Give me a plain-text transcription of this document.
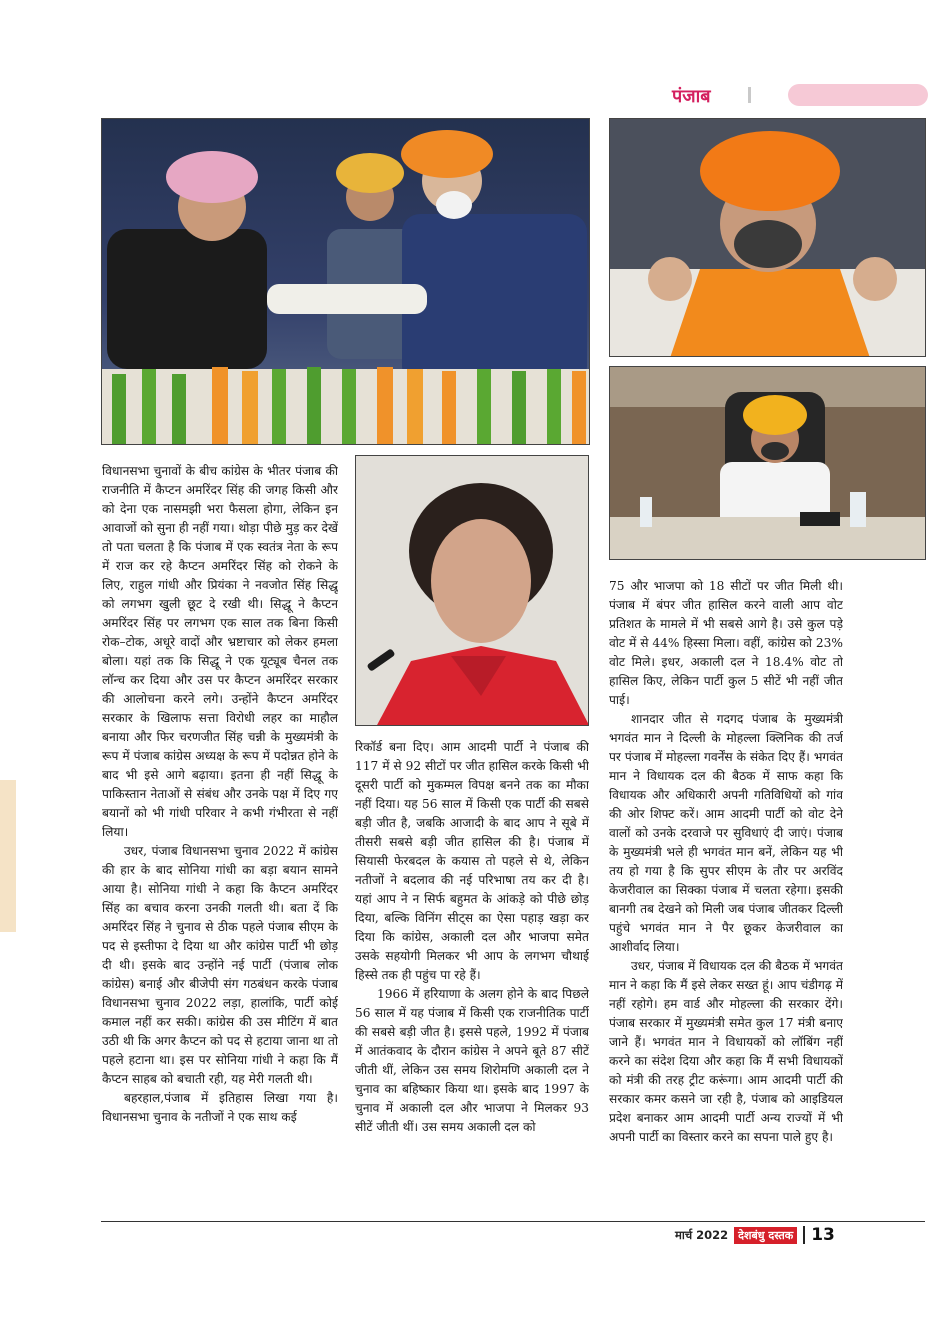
पंजाब

विधानसभा चुनावों के बीच कांग्रेस के भीतर पंजाब की राजनीति में कैप्टन अमरिंदर सिंह की जगह किसी और को देना एक नासमझी भरा फैसला होगा, लेकिन इन आवाजों को सुना ही नहीं गया। थोड़ा पीछे मुड़ कर देखें तो पता चलता है कि पंजाब में एक स्वतंत्र नेता के रूप में राज कर रहे कैप्टन अमरिंदर सिंह को रोकने के लिए, राहुल गांधी और प्रियंका ने नवजोत सिंह सिद्धू को लगभग खुली छूट दे रखी थी। सिद्धू ने कैप्टन अमरिंदर सिंह पर लगभग एक साल तक बिना किसी रोक–टोक, अधूरे वादों और भ्रष्टाचार को लेकर हमला बोला। यहां तक कि सिद्धू ने एक यूट्यूब चैनल तक लॉन्च कर दिया और उस पर कैप्टन अमरिंदर सरकार की आलोचना करने लगे। उन्होंने कैप्टन अमरिंदर सरकार के खिलाफ सत्ता विरोधी लहर का माहौल बनाया और फिर चरणजीत सिंह चन्नी के मुख्यमंत्री के रूप में पंजाब कांग्रेस अध्यक्ष के रूप में पदोन्नत होने के बाद भी इसे आगे बढ़ाया। इतना ही नहीं सिद्धू के पाकिस्तान नेताओं से संबंध और उनके पक्ष में दिए गए बयानों को भी गांधी परिवार ने कभी गंभीरता से नहीं लिया।

उधर, पंजाब विधानसभा चुनाव 2022 में कांग्रेस की हार के बाद सोनिया गांधी का बड़ा बयान सामने आया है। सोनिया गांधी ने कहा कि कैप्टन अमरिंदर सिंह का बचाव करना उनकी गलती थी। बता दें कि अमरिंदर सिंह ने चुनाव से ठीक पहले पंजाब सीएम के पद से इस्तीफा दे दिया था और कांग्रेस पार्टी भी छोड़ दी थी। इसके बाद उन्होंने नई पार्टी (पंजाब लोक कांग्रेस) बनाई और बीजेपी संग गठबंधन करके पंजाब विधानसभा चुनाव 2022 लड़ा, हालांकि, पार्टी कोई कमाल नहीं कर सकी। कांग्रेस की उस मीटिंग में बात उठी थी कि अगर कैप्टन को पद से हटाया जाना था तो पहले हटाना था। इस पर सोनिया गांधी ने कहा कि मैं कैप्टन साहब को बचाती रही, यह मेरी गलती थी।

बहरहाल,पंजाब में इतिहास लिखा गया है। विधानसभा चुनाव के नतीजों ने एक साथ कई

रिकॉर्ड बना दिए। आम आदमी पार्टी ने पंजाब की 117 में से 92 सीटों पर जीत हासिल करके किसी भी दूसरी पार्टी को मुकम्मल विपक्ष बनने तक का मौका नहीं दिया। यह 56 साल में किसी एक पार्टी की सबसे बड़ी जीत है, जबकि आजादी के बाद आप ने सूबे में तीसरी सबसे बड़ी जीत हासिल की है। पंजाब में सियासी फेरबदल के कयास तो पहले से थे, लेकिन नतीजों ने बदलाव की नई परिभाषा तय कर दी है। यहां आप ने न सिर्फ बहुमत के आंकड़े को पीछे छोड़ दिया, बल्कि विनिंग सीट्स का ऐसा पहाड़ खड़ा कर दिया कि कांग्रेस, अकाली दल और भाजपा समेत उसके सहयोगी मिलकर भी आप के लगभग चौथाई हिस्से तक ही पहुंच पा रहे हैं।

1966 में हरियाणा के अलग होने के बाद पिछले 56 साल में यह पंजाब में किसी एक राजनीतिक पार्टी की सबसे बड़ी जीत है। इससे पहले, 1992 में पंजाब में आतंकवाद के दौरान कांग्रेस ने अपने बूते 87 सीटें जीती थीं, लेकिन उस समय शिरोमणि अकाली दल ने चुनाव का बहिष्कार किया था। इसके बाद 1997 के चुनाव में अकाली दल और भाजपा ने मिलकर 93 सीटें जीती थीं। उस समय अकाली दल को

75 और भाजपा को 18 सीटों पर जीत मिली थी। पंजाब में बंपर जीत हासिल करने वाली आप वोट प्रतिशत के मामले में भी सबसे आगे है। उसे कुल पड़े वोट में से 44% हिस्सा मिला। वहीं, कांग्रेस को 23% वोट मिले। इधर, अकाली दल ने 18.4% वोट तो हासिल किए, लेकिन पार्टी कुल 5 सीटें भी नहीं जीत पाई।

शानदार जीत से गदगद पंजाब के मुख्यमंत्री भगवंत मान ने दिल्ली के मोहल्ला क्लिनिक की तर्ज पर पंजाब में मोहल्ला गवर्नेंस के संकेत दिए हैं। भगवंत मान ने विधायक दल की बैठक में साफ कहा कि विधायक और अधिकारी अपनी गतिविधियों को गांव की ओर शिफ्ट करें। आम आदमी पार्टी को वोट देने वालों को उनके दरवाजे पर सुविधाएं दी जाएं। पंजाब के मुख्यमंत्री भले ही भगवंत मान बनें, लेकिन यह भी तय हो गया है कि सुपर सीएम के तौर पर अरविंद केजरीवाल का सिक्का पंजाब में चलता रहेगा। इसकी बानगी तब देखने को मिली जब पंजाब जीतकर दिल्ली पहुंचे भगवंत मान ने पैर छूकर केजरीवाल का आशीर्वाद लिया।

उधर, पंजाब में विधायक दल की बैठक में भगवंत मान ने कहा कि मैं इसे लेकर सख्त हूं। आप चंडीगढ़ में नहीं रहोगे। हम वार्ड और मोहल्ला की सरकार देंगे। पंजाब सरकार में मुख्यमंत्री समेत कुल 17 मंत्री बनाए जाने हैं। भगवंत मान ने विधायकों को लॉबिंग नहीं करने का संदेश दिया और कहा कि मैं सभी विधायकों को मंत्री की तरह ट्रीट करूंगा। आम आदमी पार्टी की सरकार कमर कसने जा रही है, पंजाब को आइडियल प्रदेश बनाकर आम आदमी पार्टी अन्य राज्यों में भी अपनी पार्टी का विस्तार करने का सपना पाले हुए है।

मार्च 2022 देशबंधु दस्तक 13
